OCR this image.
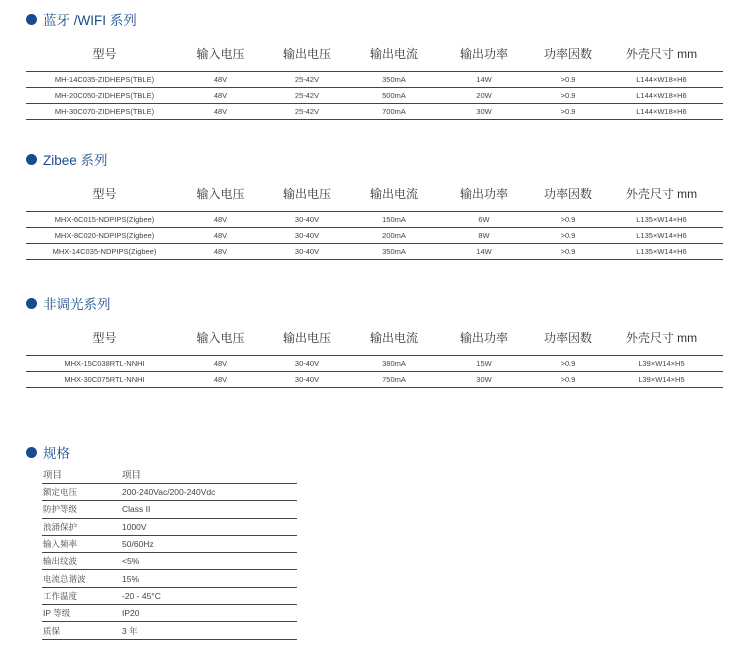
蓝牙 /WIFI 系列
型号	输入电压	输出电压	输出电流	输出功率	功率因数	外壳尺寸 mm
MH-14C035-ZIDHEPS(TBLE)	48V	25-42V	350mA	14W	>0.9	L144×W18×H6
MH-20C050-ZIDHEPS(TBLE)	48V	25-42V	500mA	20W	>0.9	L144×W18×H6
MH-30C070-ZIDHEPS(TBLE)	48V	25-42V	700mA	30W	>0.9	L144×W18×H6
Zibee 系列
型号	输入电压	输出电压	输出电流	输出功率	功率因数	外壳尺寸 mm
MHX-6C015-NDPIPS(Zigbee)	48V	30-40V	150mA	6W	>0.9	L135×W14×H6
MHX-8C020-NDPIPS(Zigbee)	48V	30-40V	200mA	8W	>0.9	L135×W14×H6
MHX-14C035-NDPIPS(Zigbee)	48V	30-40V	350mA	14W	>0.9	L135×W14×H6
非调光系列
型号	输入电压	输出电压	输出电流	输出功率	功率因数	外壳尺寸 mm
MHX-15C038RTL-NNHI	48V	30-40V	380mA	15W	>0.9	L39×W14×H5
MHX-30C075RTL-NNHI	48V	30-40V	750mA	30W	>0.9	L39×W14×H5
规格
项目	项目
额定电压	200-240Vac/200-240Vdc
防护等级	Class II
浪涌保护	1000V
输入频率	50/60Hz
输出纹波	<5%
电流总谐波	15%
工作温度	-20 - 45°C
IP 等级	IP20
质保	3 年
